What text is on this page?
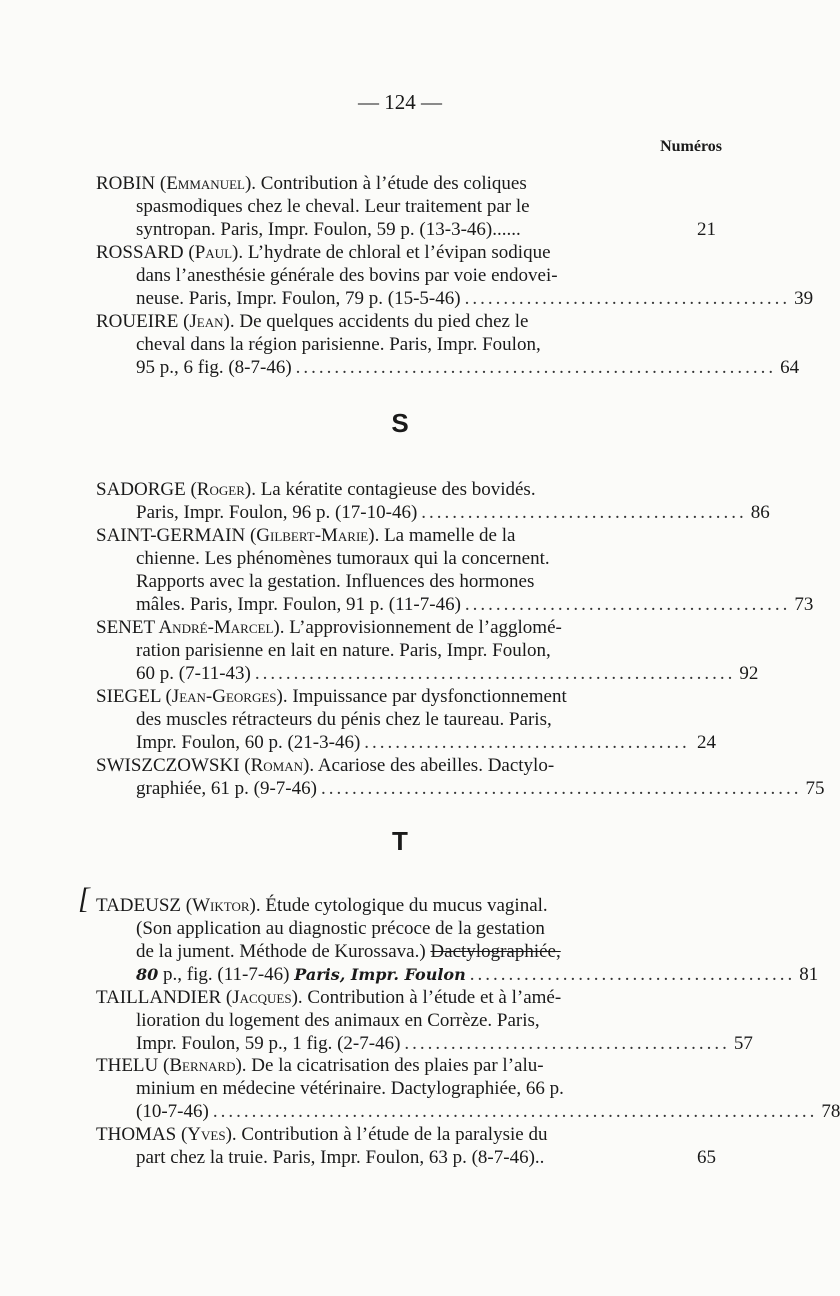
— 124 —
Numéros
ROBIN (Emmanuel). Contribution à l’étude des coliques
spasmodiques chez le cheval. Leur traitement par le
syntropan. Paris, Impr. Foulon, 59 p. (13-3-46)......	21
ROSSARD (Paul). L’hydrate de chloral et l’évipan sodique
dans l’anesthésie générale des bovins par voie endovei-
neuse. Paris, Impr. Foulon, 79 p. (15-5-46) .......................................... 39
ROUEIRE (Jean). De quelques accidents du pied chez le
cheval dans la région parisienne. Paris, Impr. Foulon,
95 p., 6 fig. (8-7-46) .............................................................. 64
S
SADORGE (Roger). La kératite contagieuse des bovidés.
Paris, Impr. Foulon, 96 p. (17-10-46) .......................................... 86
SAINT-GERMAIN (Gilbert-Marie). La mamelle de la
chienne. Les phénomènes tumoraux qui la concernent.
Rapports avec la gestation. Influences des hormones
mâles. Paris, Impr. Foulon, 91 p. (11-7-46) .......................................... 73
SENET André-Marcel). L’approvisionnement de l’agglomé-
ration parisienne en lait en nature. Paris, Impr. Foulon,
60 p. (7-11-43) .............................................................. 92
SIEGEL (Jean-Georges). Impuissance par dysfonctionnement
des muscles rétracteurs du pénis chez le taureau. Paris,
Impr. Foulon, 60 p. (21-3-46) .......................................... 24
SWISZCZOWSKI (Roman). Acariose des abeilles. Dactylo-
graphiée, 61 p. (9-7-46) .............................................................. 75
T
[ TADEUSZ (Wiktor). Étude cytologique du mucus vaginal.
(Son application au diagnostic précoce de la gestation
de la jument. Méthode de Kurossava.) Dactylographiée,
80
p., fig. (11-7-46)
Paris, Impr. Foulon .......................................... 81
TAILLANDIER (Jacques). Contribution à l’étude et à l’amé-
lioration du logement des animaux en Corrèze. Paris,
Impr. Foulon, 59 p., 1 fig. (2-7-46) .......................................... 57
THELU (Bernard). De la cicatrisation des plaies par l’alu-
minium en médecine vétérinaire. Dactylographiée, 66 p.
(10-7-46) .............................................................................. 78
THOMAS (Yves). Contribution à l’étude de la paralysie du
part chez la truie. Paris, Impr. Foulon, 63 p. (8-7-46)..	65
